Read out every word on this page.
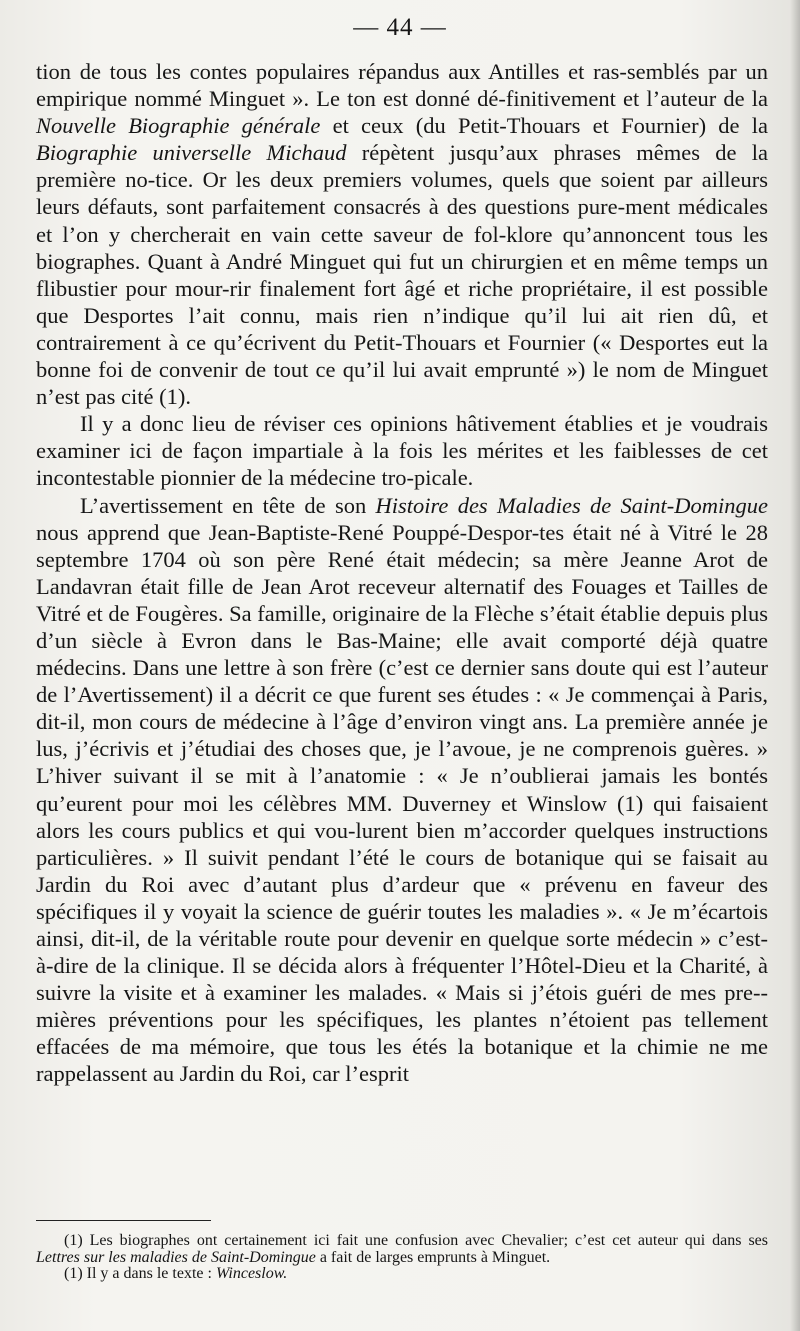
— 44 —

tion de tous les contes populaires répandus aux Antilles et ras-semblés par un empirique nommé Minguet ». Le ton est donné dé-finitivement et l’auteur de la Nouvelle Biographie générale et ceux (du Petit-Thouars et Fournier) de la Biographie universelle Michaud répètent jusqu’aux phrases mêmes de la première no-tice. Or les deux premiers volumes, quels que soient par ailleurs leurs défauts, sont parfaitement consacrés à des questions pure-ment médicales et l’on y chercherait en vain cette saveur de fol-klore qu’annoncent tous les biographes. Quant à André Minguet qui fut un chirurgien et en même temps un flibustier pour mour-rir finalement fort âgé et riche propriétaire, il est possible que Desportes l’ait connu, mais rien n’indique qu’il lui ait rien dû, et contrairement à ce qu’écrivent du Petit-Thouars et Fournier (« Desportes eut la bonne foi de convenir de tout ce qu’il lui avait emprunté ») le nom de Minguet n’est pas cité (1).

Il y a donc lieu de réviser ces opinions hâtivement établies et je voudrais examiner ici de façon impartiale à la fois les mérites et les faiblesses de cet incontestable pionnier de la médecine tro-picale.

L’avertissement en tête de son Histoire des Maladies de Saint-Domingue nous apprend que Jean-Baptiste-René Pouppé-Despor-tes était né à Vitré le 28 septembre 1704 où son père René était médecin; sa mère Jeanne Arot de Landavran était fille de Jean Arot receveur alternatif des Fouages et Tailles de Vitré et de Fougères. Sa famille, originaire de la Flèche s’était établie depuis plus d’un siècle à Evron dans le Bas-Maine; elle avait comporté déjà quatre médecins. Dans une lettre à son frère (c’est ce dernier sans doute qui est l’auteur de l’Avertissement) il a décrit ce que furent ses études : « Je commençai à Paris, dit-il, mon cours de médecine à l’âge d’environ vingt ans. La première année je lus, j’écrivis et j’étudiai des choses que, je l’avoue, je ne comprenois guères. » L’hiver suivant il se mit à l’anatomie : « Je n’oublierai jamais les bontés qu’eurent pour moi les célèbres MM. Duverney et Winslow (1) qui faisaient alors les cours publics et qui vou-lurent bien m’accorder quelques instructions particulières. » Il suivit pendant l’été le cours de botanique qui se faisait au Jardin du Roi avec d’autant plus d’ardeur que « prévenu en faveur des spécifiques il y voyait la science de guérir toutes les maladies ». « Je m’écartois ainsi, dit-il, de la véritable route pour devenir en quelque sorte médecin » c’est-à-dire de la clinique. Il se décida alors à fréquenter l’Hôtel-Dieu et la Charité, à suivre la visite et à examiner les malades. « Mais si j’étois guéri de mes pre-mières préventions pour les spécifiques, les plantes n’étoient pas tellement effacées de ma mémoire, que tous les étés la botanique et la chimie ne me rappelassent au Jardin du Roi, car l’esprit

(1) Les biographes ont certainement ici fait une confusion avec Chevalier; c’est cet auteur qui dans ses Lettres sur les maladies de Saint-Domingue a fait de larges emprunts à Minguet.

(1) Il y a dans le texte : Winceslow.
